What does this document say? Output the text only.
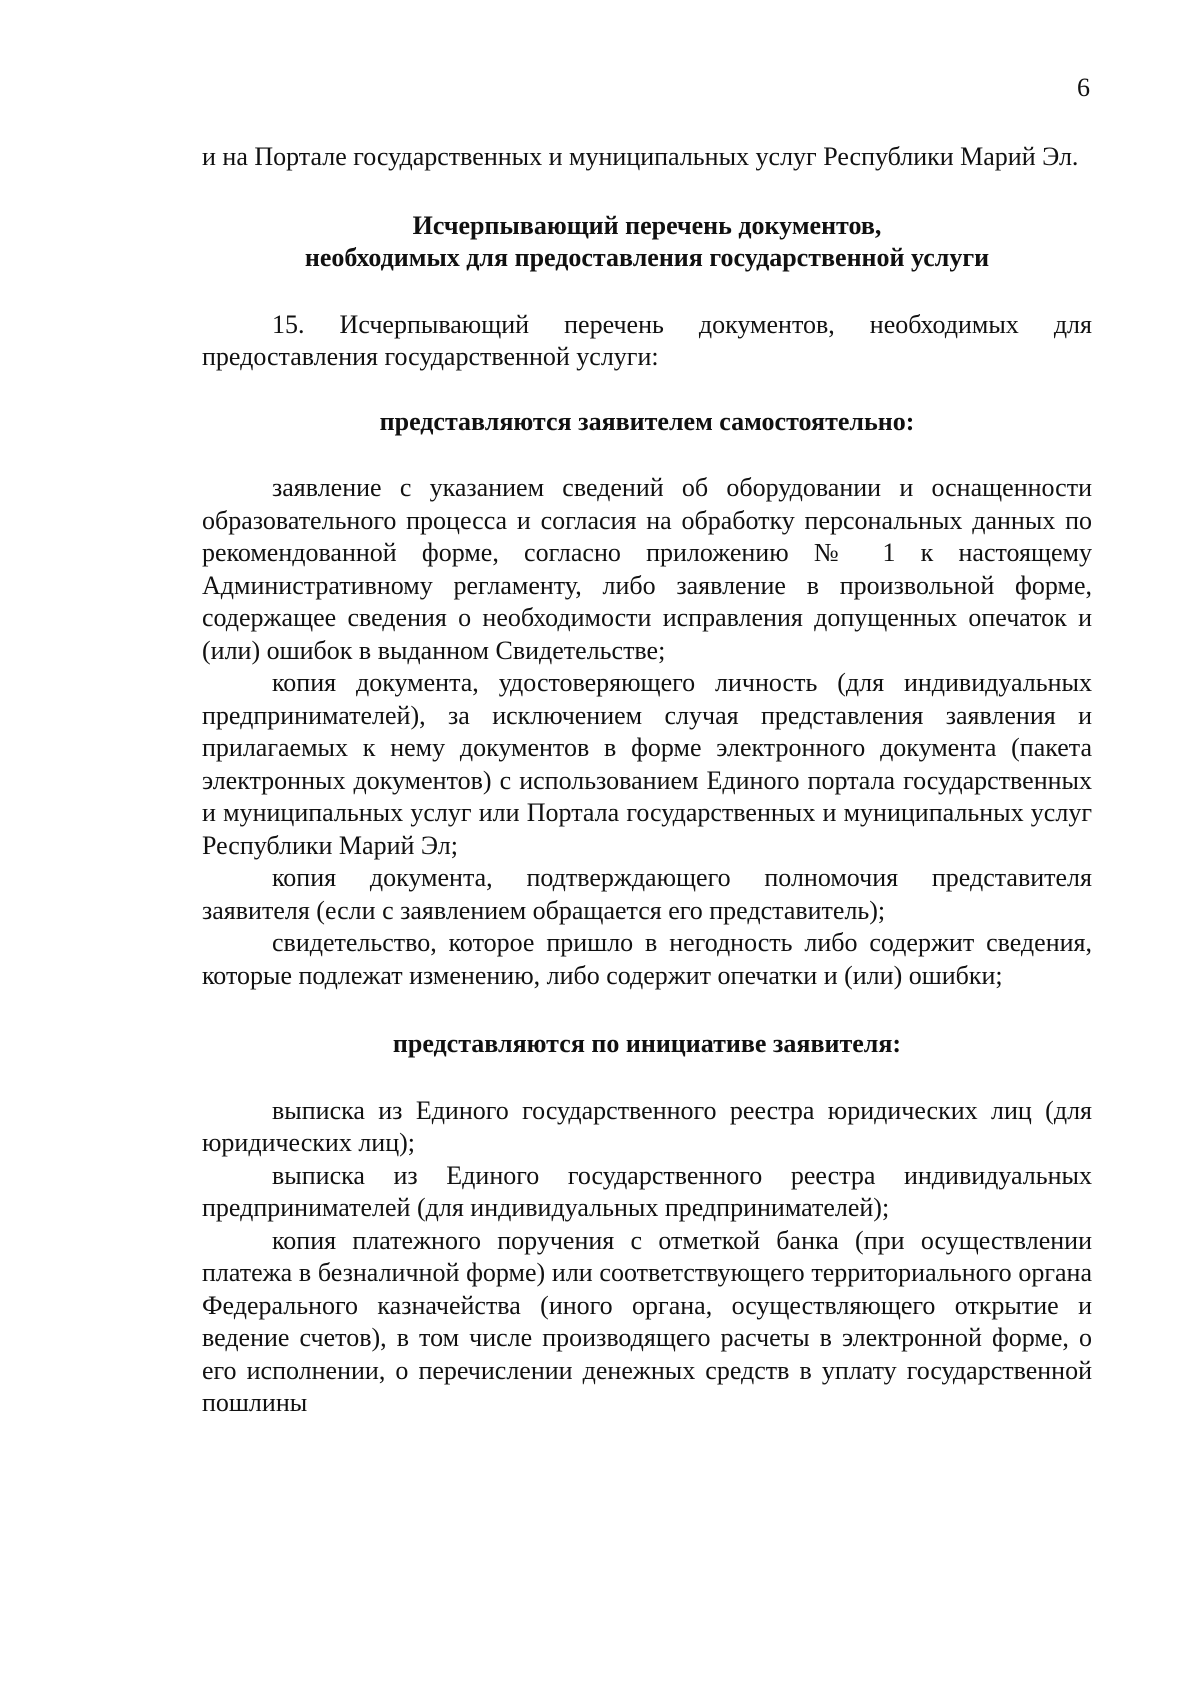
6

и на Портале государственных и муниципальных услуг Республики Марий Эл.

Исчерпывающий перечень документов,
необходимых для предоставления государственной услуги

15. Исчерпывающий перечень документов, необходимых для предоставления государственной услуги:

представляются заявителем самостоятельно:

заявление с указанием сведений об оборудовании и оснащенности образовательного процесса и согласия на обработку персональных данных по рекомендованной форме, согласно приложению № 1 к настоящему Административному регламенту, либо заявление в произвольной форме, содержащее сведения о необходимости исправления допущенных опечаток и (или) ошибок в выданном Свидетельстве;

копия документа, удостоверяющего личность (для индивидуальных предпринимателей), за исключением случая представления заявления и прилагаемых к нему документов в форме электронного документа (пакета электронных документов) с использованием Единого портала государственных и муниципальных услуг или Портала государственных и муниципальных услуг Республики Марий Эл;

копия документа, подтверждающего полномочия представителя заявителя (если с заявлением обращается его представитель);

свидетельство, которое пришло в негодность либо содержит сведения, которые подлежат изменению, либо содержит опечатки и (или) ошибки;

представляются по инициативе заявителя:

выписка из Единого государственного реестра юридических лиц (для юридических лиц);

выписка из Единого государственного реестра индивидуальных предпринимателей (для индивидуальных предпринимателей);

копия платежного поручения с отметкой банка (при осуществлении платежа в безналичной форме) или соответствующего территориального органа Федерального казначейства (иного органа, осуществляющего открытие и ведение счетов), в том числе производящего расчеты в электронной форме, о его исполнении, о перечислении денежных средств в уплату государственной пошлины
